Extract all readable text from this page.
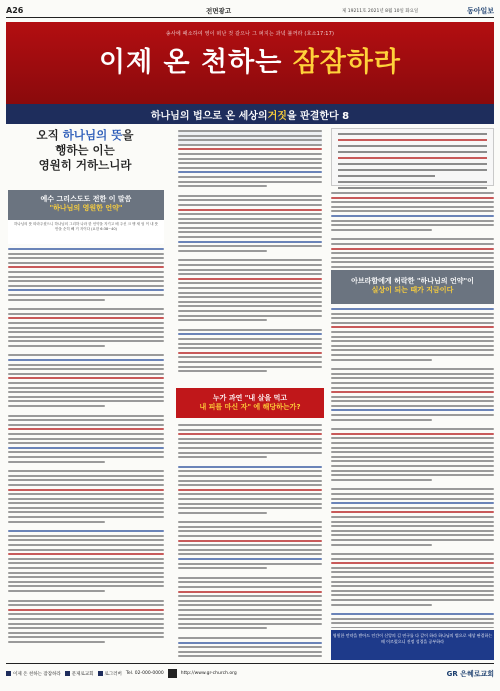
A26	전면광고	제 19211호 2021년 8월 10일 화요일	동아일보
송사에 패소하여 영이 떠난 것 같으나 그 퍼지는 과녁 불꺼라 (호소17:17)
이제 온 천하는 잠잠하라
하나님의 법으로 온 세상의 거짓 을 판결한다 8
오직 하나님의 뜻을
행하는 이는
영원히 거하느니라
예수 그리스도도 전한 이 말씀
"하나님의 영원한 언약"
하나님의 뜻 따라주셨으니 하나님의 그리하 나라 한 언약을 지키고 배 주신 크 맹 새 엄 이 내 뜻 만을 순히 빼 거 지이다 (요한 6:38~40)
누가 과연 "내 살을 먹고
내 피를 마신 자" 에 해당하는가?
아브라함에게 허락한 "하나님의 언약"이
실상이 되는 때가 지금이다
영원한 언약을 받아드 인간이 신앙의 길 연구를 다 같이 하라 하나님의 법으로 세상 판결하는 때 이르렀으니 진정 성경을 공부하라
이제 온 천하는 잠잠하라 문제로교회 로그러버 Tel. 02-000-0000	http://www.gr-church.org	GR 은혜로교회
